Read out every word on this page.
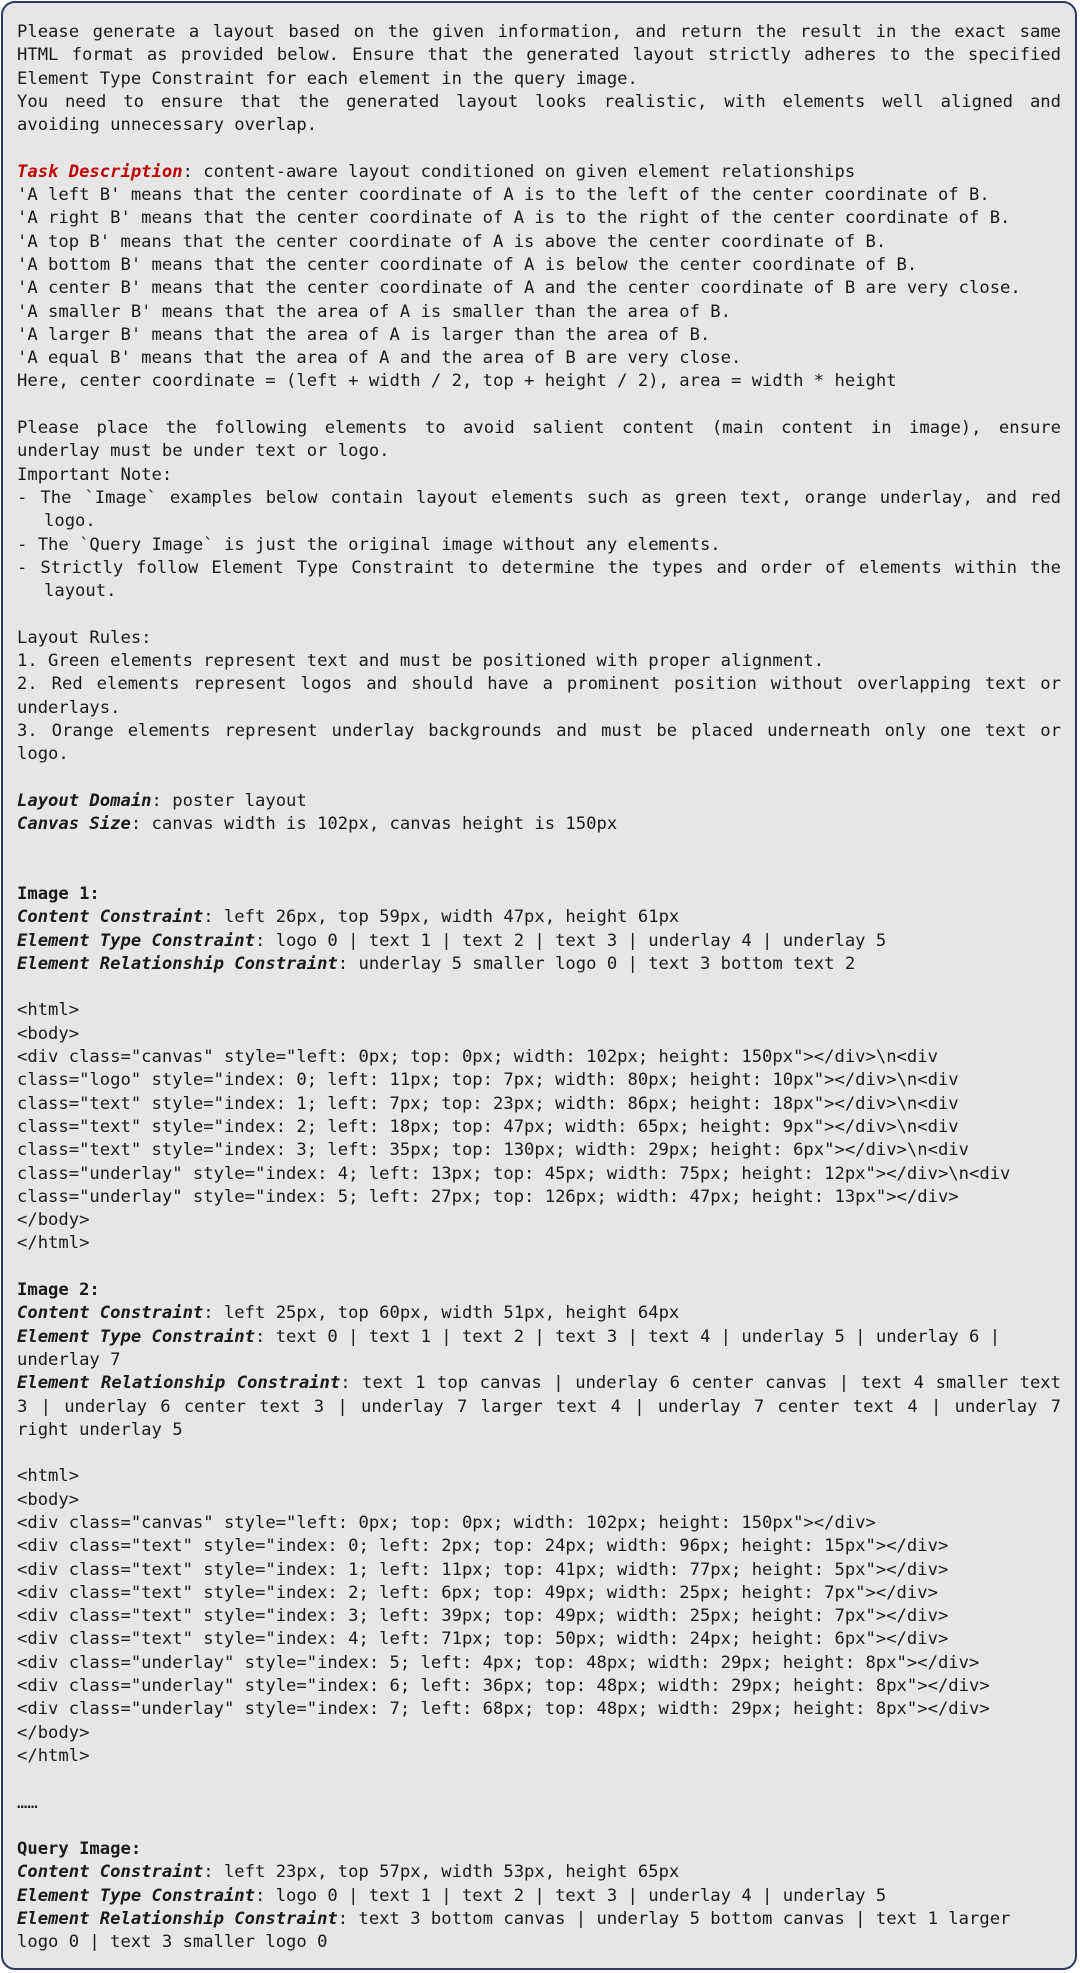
Please generate a layout based on the given information, and return the result in the exact same HTML format as provided below. Ensure that the generated layout strictly adheres to the specified Element Type Constraint for each element in the query image.
You need to ensure that the generated layout looks realistic, with elements well aligned and avoiding unnecessary overlap.
Task Description: content-aware layout conditioned on given element relationships
'A left B' means that the center coordinate of A is to the left of the center coordinate of B.
'A right B' means that the center coordinate of A is to the right of the center coordinate of B.
'A top B' means that the center coordinate of A is above the center coordinate of B.
'A bottom B' means that the center coordinate of A is below the center coordinate of B.
'A center B' means that the center coordinate of A and the center coordinate of B are very close.
'A smaller B' means that the area of A is smaller than the area of B.
'A larger B' means that the area of A is larger than the area of B.
'A equal B' means that the area of A and the area of B are very close.
Here, center coordinate = (left + width / 2, top + height / 2), area = width * height
Please place the following elements to avoid salient content (main content in image), ensure underlay must be under text or logo.
Important Note:
- The `Image` examples below contain layout elements such as green text, orange underlay, and red logo.
- The `Query Image` is just the original image without any elements.
- Strictly follow Element Type Constraint to determine the types and order of elements within the layout.
Layout Rules:
1. Green elements represent text and must be positioned with proper alignment.
2. Red elements represent logos and should have a prominent position without overlapping text or underlays.
3. Orange elements represent underlay backgrounds and must be placed underneath only one text or logo.
Layout Domain: poster layout
Canvas Size: canvas width is 102px, canvas height is 150px
Image 1:
Content Constraint: left 26px, top 59px, width 47px, height 61px
Element Type Constraint: logo 0 | text 1 | text 2 | text 3 | underlay 4 | underlay 5
Element Relationship Constraint: underlay 5 smaller logo 0 | text 3 bottom text 2
<html>
<body>
<div class="canvas" style="left: 0px; top: 0px; width: 102px; height: 150px"></div>\n<div
class="logo" style="index: 0; left: 11px; top: 7px; width: 80px; height: 10px"></div>\n<div
class="text" style="index: 1; left: 7px; top: 23px; width: 86px; height: 18px"></div>\n<div
class="text" style="index: 2; left: 18px; top: 47px; width: 65px; height: 9px"></div>\n<div
class="text" style="index: 3; left: 35px; top: 130px; width: 29px; height: 6px"></div>\n<div
class="underlay" style="index: 4; left: 13px; top: 45px; width: 75px; height: 12px"></div>\n<div
class="underlay" style="index: 5; left: 27px; top: 126px; width: 47px; height: 13px"></div>
</body>
</html>
Image 2:
Content Constraint: left 25px, top 60px, width 51px, height 64px
Element Type Constraint: text 0 | text 1 | text 2 | text 3 | text 4 | underlay 5 | underlay 6 | underlay 7
Element Relationship Constraint: text 1 top canvas | underlay 6 center canvas | text 4 smaller text 3 | underlay 6 center text 3 | underlay 7 larger text 4 | underlay 7 center text 4 | underlay 7 right underlay 5
<html>
<body>
<div class="canvas" style="left: 0px; top: 0px; width: 102px; height: 150px"></div>
<div class="text" style="index: 0; left: 2px; top: 24px; width: 96px; height: 15px"></div>
<div class="text" style="index: 1; left: 11px; top: 41px; width: 77px; height: 5px"></div>
<div class="text" style="index: 2; left: 6px; top: 49px; width: 25px; height: 7px"></div>
<div class="text" style="index: 3; left: 39px; top: 49px; width: 25px; height: 7px"></div>
<div class="text" style="index: 4; left: 71px; top: 50px; width: 24px; height: 6px"></div>
<div class="underlay" style="index: 5; left: 4px; top: 48px; width: 29px; height: 8px"></div>
<div class="underlay" style="index: 6; left: 36px; top: 48px; width: 29px; height: 8px"></div>
<div class="underlay" style="index: 7; left: 68px; top: 48px; width: 29px; height: 8px"></div>
</body>
</html>
……
Query Image:
Content Constraint: left 23px, top 57px, width 53px, height 65px
Element Type Constraint: logo 0 | text 1 | text 2 | text 3 | underlay 4 | underlay 5
Element Relationship Constraint: text 3 bottom canvas | underlay 5 bottom canvas | text 1 larger logo 0 | text 3 smaller logo 0
